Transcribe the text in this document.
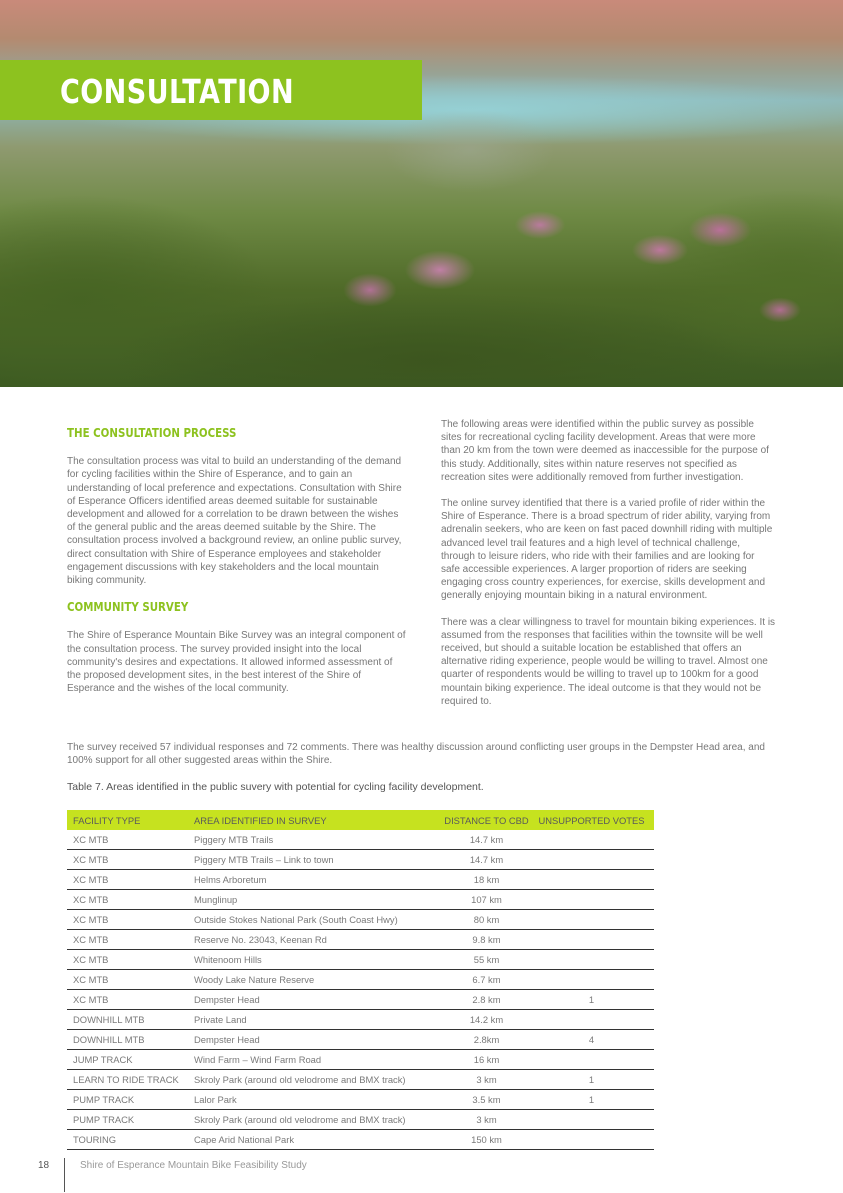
CONSULTATION
THE CONSULTATION PROCESS

The consultation process was vital to build an understanding of the demand for cycling facilities within the Shire of Esperance, and to gain an understanding of local preference and expectations. Consultation with Shire of Esperance Officers identified areas deemed suitable for sustainable development and allowed for a correlation to be drawn between the wishes of the general public and the areas deemed suitable by the Shire. The consultation process involved a background review, an online public survey, direct consultation with Shire of Esperance employees and stakeholder engagement discussions with key stakeholders and the local mountain biking community.

COMMUNITY SURVEY

The Shire of Esperance Mountain Bike Survey was an integral component of the consultation process. The survey provided insight into the local community's desires and expectations. It allowed informed assessment of the proposed development sites, in the best interest of the Shire of Esperance and the wishes of the local community.

The following areas were identified within the public survey as possible sites for recreational cycling facility development. Areas that were more than 20 km from the town were deemed as inaccessible for the purpose of this study. Additionally, sites within nature reserves not specified as recreation sites were additionally removed from further investigation.

The online survey identified that there is a varied profile of rider within the Shire of Esperance. There is a broad spectrum of rider ability, varying from adrenalin seekers, who are keen on fast paced downhill riding with multiple advanced level trail features and a high level of technical challenge, through to leisure riders, who ride with their families and are looking for safe accessible experiences. A larger proportion of riders are seeking engaging cross country experiences, for exercise, skills development and generally enjoying mountain biking in a natural environment.

There was a clear willingness to travel for mountain biking experiences. It is assumed from the responses that facilities within the townsite will be well received, but should a suitable location be established that offers an alternative riding experience, people would be willing to travel. Almost one quarter of respondents would be willing to travel up to 100km for a good mountain biking experience. The ideal outcome is that they would not be required to.

The survey received 57 individual responses and 72 comments. There was healthy discussion around conflicting user groups in the Dempster Head area, and 100% support for all other suggested areas within the Shire.
Table 7. Areas identified in the public suvery with potential for cycling facility development.
FACILITY TYPE	AREA IDENTIFIED IN SURVEY	DISTANCE TO CBD	UNSUPPORTED VOTES
XC MTB	Piggery MTB Trails	14.7 km	
XC MTB	Piggery MTB Trails – Link to town	14.7 km	
XC MTB	Helms Arboretum	18 km	
XC MTB	Munglinup	107 km	
XC MTB	Outside Stokes National Park (South Coast Hwy)	80 km	
XC MTB	Reserve No. 23043, Keenan Rd	9.8 km	
XC MTB	Whitenoom Hills	55 km	
XC MTB	Woody Lake Nature Reserve	6.7 km	
XC MTB	Dempster Head	2.8 km	1
DOWNHILL MTB	Private Land	14.2 km	
DOWNHILL MTB	Dempster Head	2.8km	4
JUMP TRACK	Wind Farm – Wind Farm Road	16 km	
LEARN TO RIDE TRACK	Skroly Park (around old velodrome and BMX track)	3 km	1
PUMP TRACK	Lalor Park	3.5 km	1
PUMP TRACK	Skroly Park (around old velodrome and BMX track)	3 km	
TOURING	Cape Arid National Park	150 km	
18	Shire of Esperance Mountain Bike Feasibility Study
